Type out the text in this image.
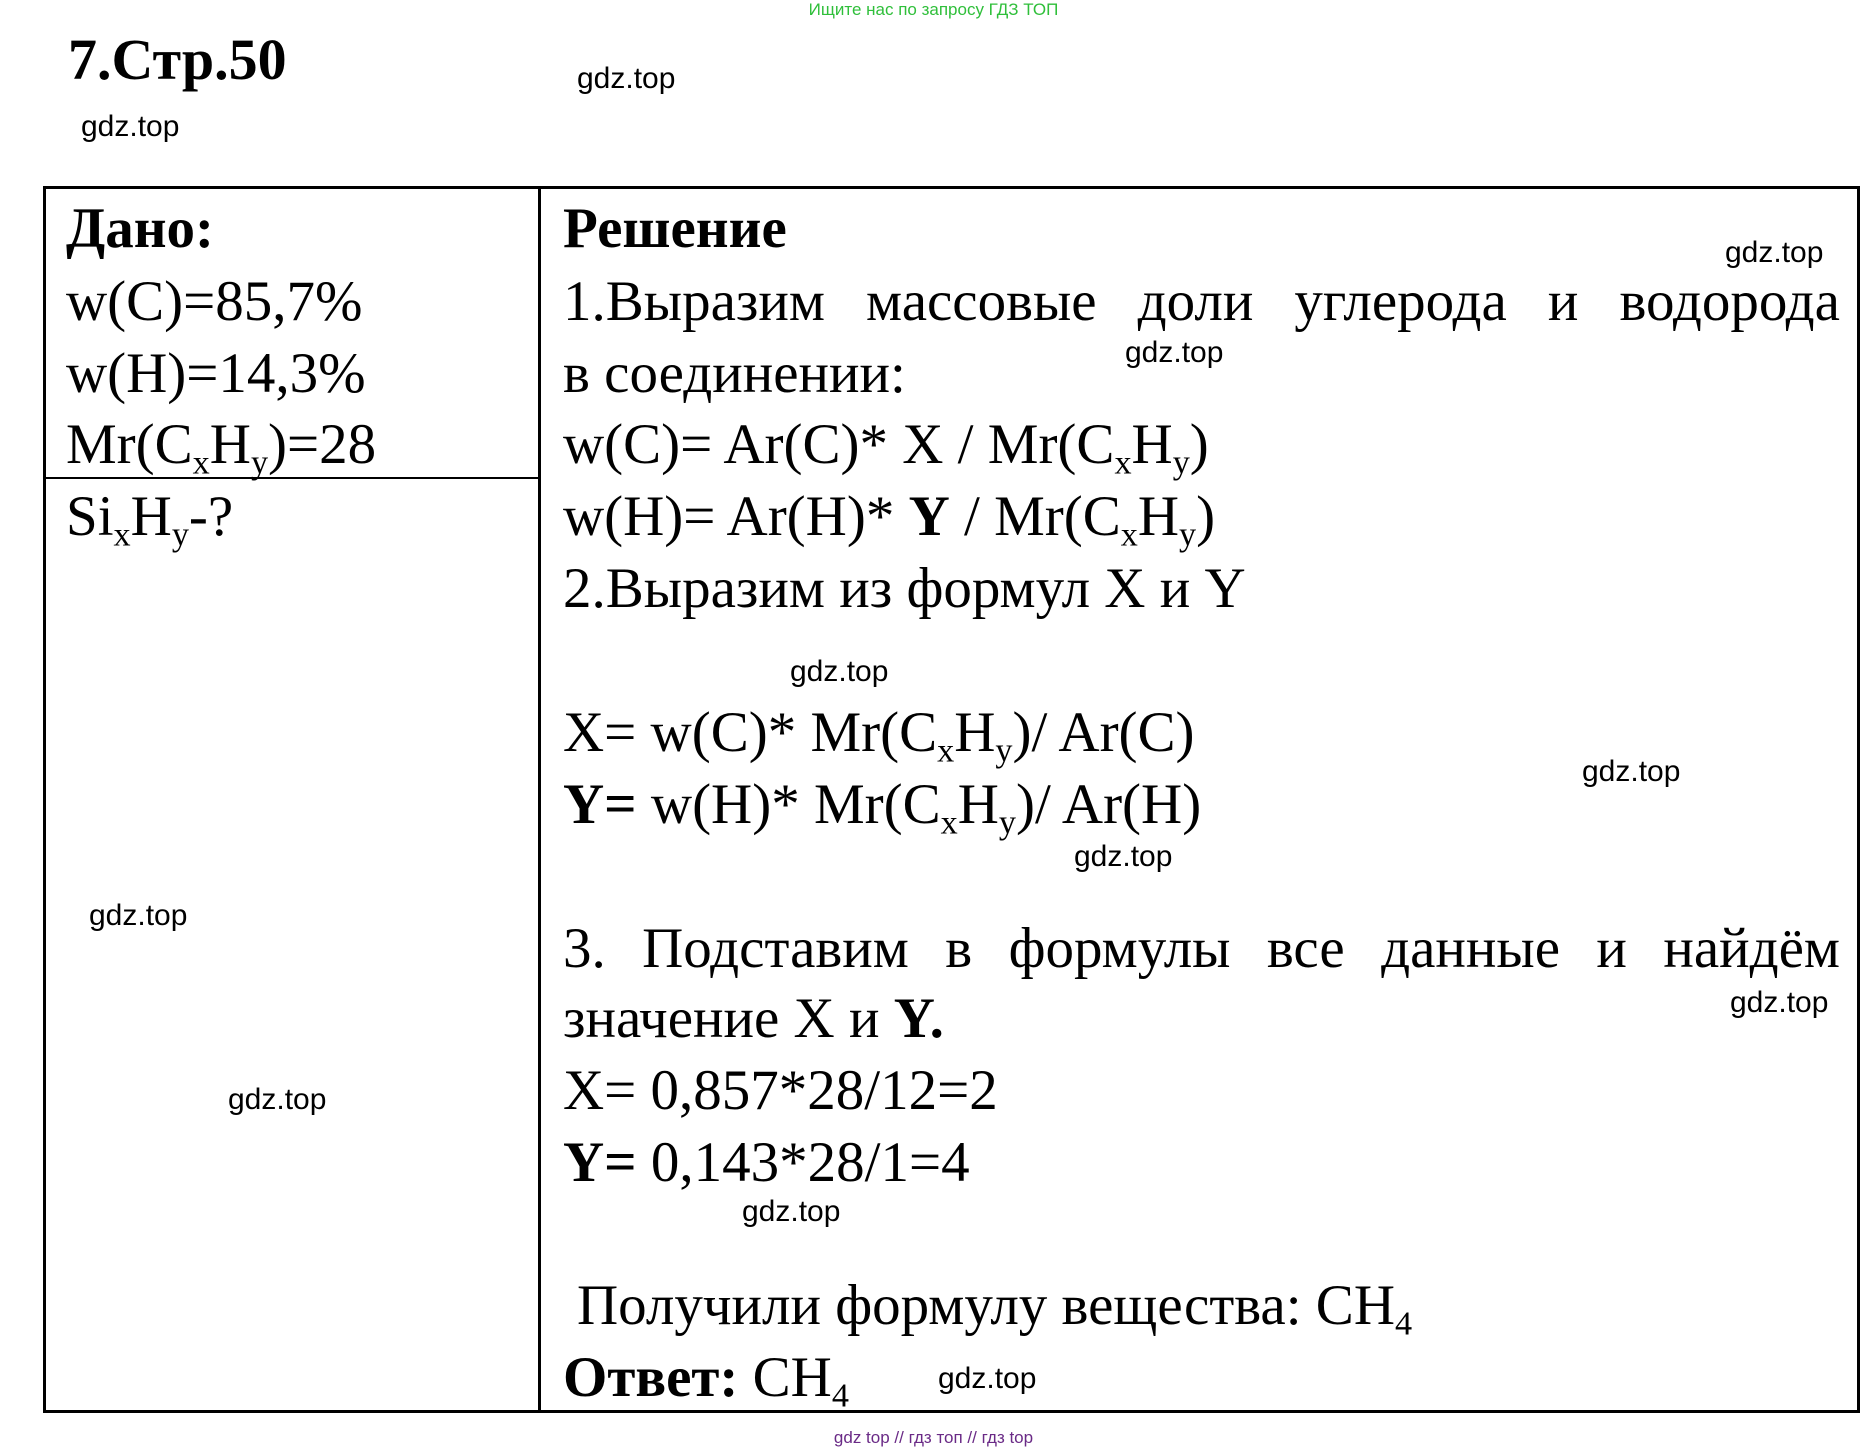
Ищите нас по запросу ГДЗ ТОП
7.Стр.50	gdz.top
gdz.top
Дано:
w(C)=85,7%
w(H)=14,3%
$Mr(C_xH_y)=28$
$Si_xH_y-$?
gdz.top
gdz.top
Решение	gdz.top
1.Выразим массовые доли углерода и водорода
gdz.top
в соединении:
w(C)= Ar(C)* X / $Mr(C_xH_y)$
w(H)= Ar(H)* Y / $Mr(C_xH_y)$
2.Выразим из формул X и Y
gdz.top
X= w(C)* $Mr(C_xH_y)/$ Ar(C)
gdz.top
Y= w(H)* $Mr(C_xH_y)/$ Ar(H)
gdz.top
3. Подставим в формулы все данные и найдём
gdz.top
значение X и Y.
X= 0,857*28/12=2
Y= 0,143*28/1=4
gdz.top
Получили формулу вещества: $CH_4$
Ответ: $CH_4$	gdz.top
gdz top // гдз топ // гдз top
